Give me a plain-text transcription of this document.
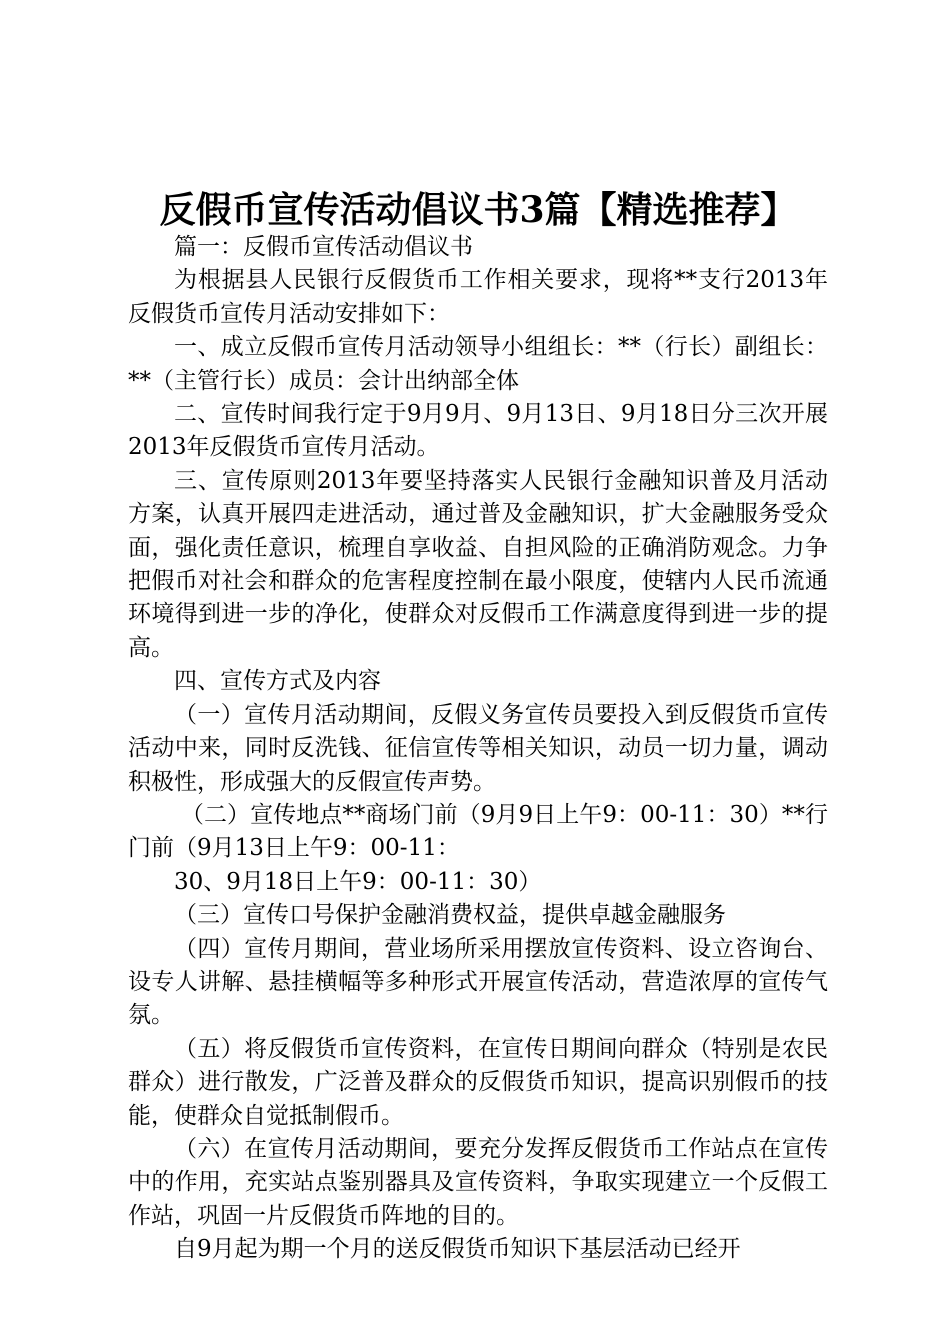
反假币宣传活动倡议书3篇【精选推荐】

篇一：反假币宣传活动倡议书

为根据县人民银行反假货币工作相关要求，现将**支行2013年反假货币宣传月活动安排如下：

一、成立反假币宣传月活动领导小组组长：**（行长）副组长：**（主管行长）成员：会计出纳部全体

二、宣传时间我行定于9月9月、9月13日、9月18日分三次开展2013年反假货币宣传月活动。

三、宣传原则2013年要坚持落实人民银行金融知识普及月活动方案，认真开展四走进活动，通过普及金融知识，扩大金融服务受众面，强化责任意识，梳理自享收益、自担风险的正确消防观念。力争把假币对社会和群众的危害程度控制在最小限度，使辖内人民币流通环境得到进一步的净化，使群众对反假币工作满意度得到进一步的提高。

四、宣传方式及内容

（一）宣传月活动期间，反假义务宣传员要投入到反假货币宣传活动中来，同时反洗钱、征信宣传等相关知识，动员一切力量，调动积极性，形成强大的反假宣传声势。

（二）宣传地点**商场门前（9月9日上午9：00-11：30）**行门前（9月13日上午9：00-11：

30、9月18日上午9：00-11：30）

（三）宣传口号保护金融消费权益，提供卓越金融服务

（四）宣传月期间，营业场所采用摆放宣传资料、设立咨询台、设专人讲解、悬挂横幅等多种形式开展宣传活动，营造浓厚的宣传气氛。

（五）将反假货币宣传资料，在宣传日期间向群众（特别是农民群众）进行散发，广泛普及群众的反假货币知识，提高识别假币的技能，使群众自觉抵制假币。

（六）在宣传月活动期间，要充分发挥反假货币工作站点在宣传中的作用，充实站点鉴别器具及宣传资料，争取实现建立一个反假工作站，巩固一片反假货币阵地的目的。

自9月起为期一个月的送反假货币知识下基层活动已经开
